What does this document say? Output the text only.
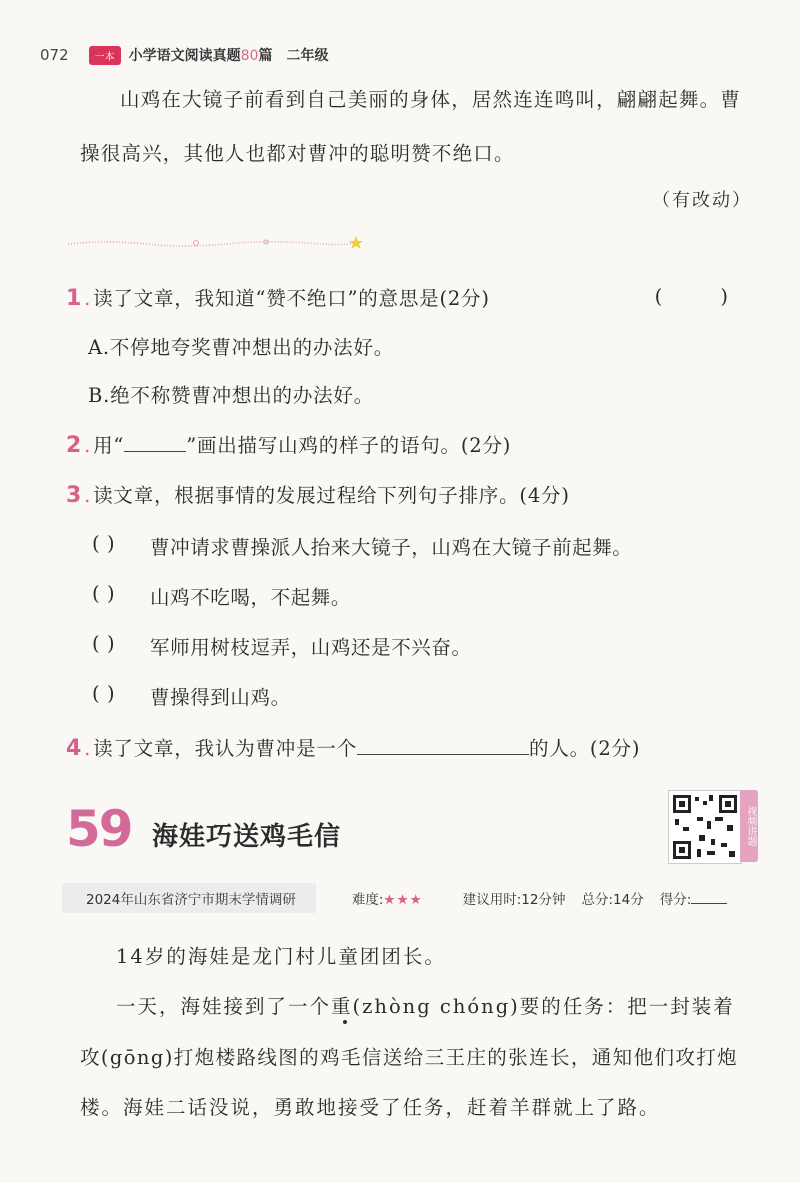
072	一本	小学语文阅读真题80篇 二年级
山鸡在大镜子前看到自己美丽的身体，居然连连鸣叫，翩翩起舞。曹
操很高兴，其他人也都对曹冲的聪明赞不绝口。
（有改动）
1 . 读了文章，我知道“赞不绝口”的意思是(2分)	( )
A.不停地夸奖曹冲想出的办法好。
B.绝不称赞曹冲想出的办法好。
2 . 用“	”画出描写山鸡的样子的语句。(2分)
3 . 读文章，根据事情的发展过程给下列句子排序。(4分)
( )	曹冲请求曹操派人抬来大镜子，山鸡在大镜子前起舞。
( )	山鸡不吃喝，不起舞。
( )	军师用树枝逗弄，山鸡还是不兴奋。
( )	曹操得到山鸡。
4 . 读了文章，我认为曹冲是一个	的人。(2分)
59 海娃巧送鸡毛信	视频讲题
2024年山东省济宁市期末学情调研	难度:★★★	建议用时:12分钟 总分:14分 得分:
14岁的海娃是龙门村儿童团团长。
一天，海娃接到了一个重(zhòng chóng)要的任务：把一封装着
攻(gōng)打炮楼路线图的鸡毛信送给三王庄的张连长，通知他们攻打炮
楼。海娃二话没说，勇敢地接受了任务，赶着羊群就上了路。
